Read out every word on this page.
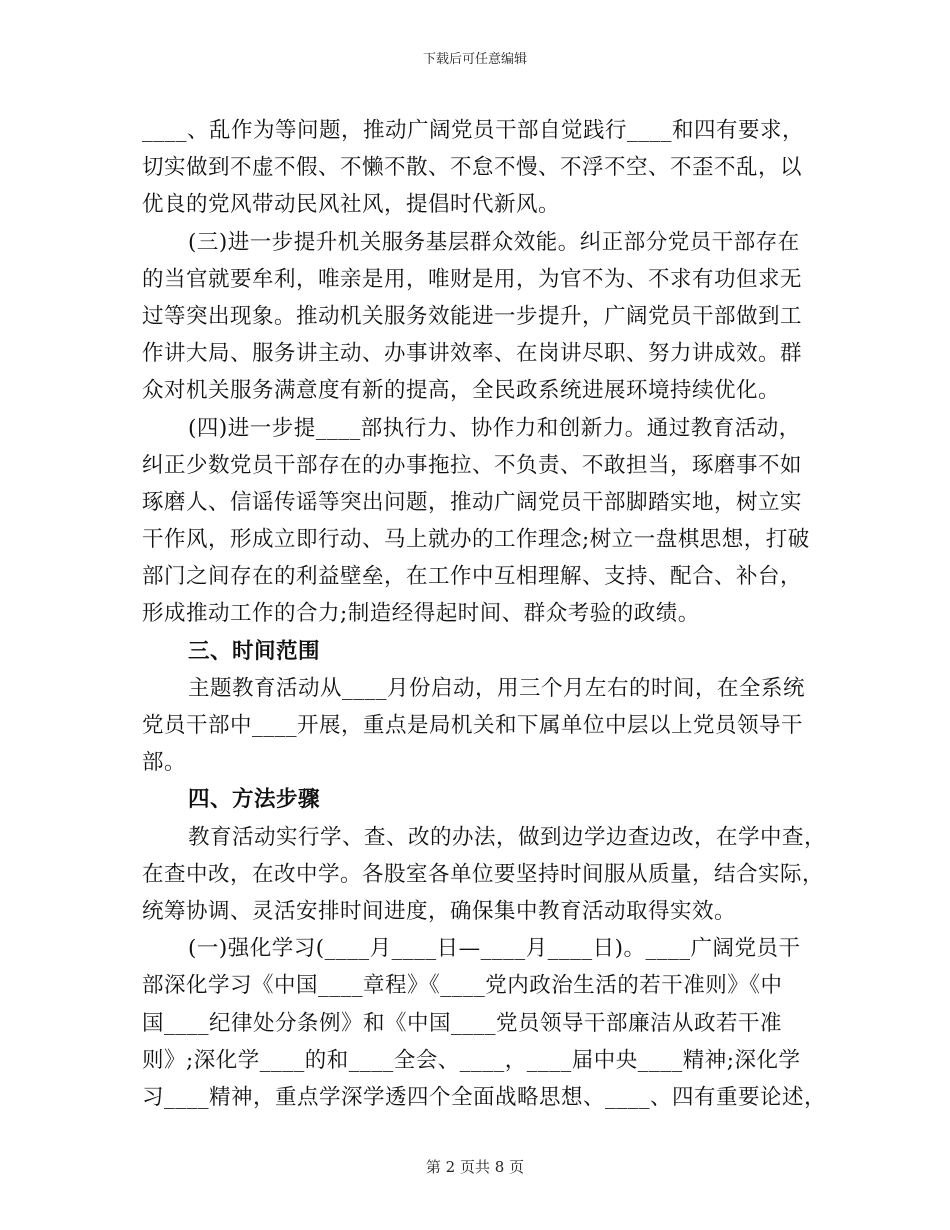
下载后可任意编辑
____、乱作为等问题，推动广阔党员干部自觉践行____和四有要求，
切实做到不虚不假、不懒不散、不怠不慢、不浮不空、不歪不乱，以
优良的党风带动民风社风，提倡时代新风。
(三)进一步提升机关服务基层群众效能。纠正部分党员干部存在
的当官就要牟利，唯亲是用，唯财是用，为官不为、不求有功但求无
过等突出现象。推动机关服务效能进一步提升，广阔党员干部做到工
作讲大局、服务讲主动、办事讲效率、在岗讲尽职、努力讲成效。群
众对机关服务满意度有新的提高，全民政系统进展环境持续优化。
(四)进一步提____部执行力、协作力和创新力。通过教育活动，
纠正少数党员干部存在的办事拖拉、不负责、不敢担当，琢磨事不如
琢磨人、信谣传谣等突出问题，推动广阔党员干部脚踏实地，树立实
干作风，形成立即行动、马上就办的工作理念;树立一盘棋思想，打破
部门之间存在的利益壁垒，在工作中互相理解、支持、配合、补台，
形成推动工作的合力;制造经得起时间、群众考验的政绩。
三、时间范围
主题教育活动从____月份启动，用三个月左右的时间，在全系统
党员干部中____开展，重点是局机关和下属单位中层以上党员领导干
部。
四、方法步骤
教育活动实行学、查、改的办法，做到边学边查边改，在学中查，
在查中改，在改中学。各股室各单位要坚持时间服从质量，结合实际，
统筹协调、灵活安排时间进度，确保集中教育活动取得实效。
(一)强化学习(____月____日—____月____日)。____广阔党员干
部深化学习《中国____章程》《____党内政治生活的若干准则》《中
国____纪律处分条例》和《中国____党员领导干部廉洁从政若干准
则》;深化学____的和____全会、____，____届中央____精神;深化学
习____精神，重点学深学透四个全面战略思想、____、四有重要论述，
第 2 页共 8 页
